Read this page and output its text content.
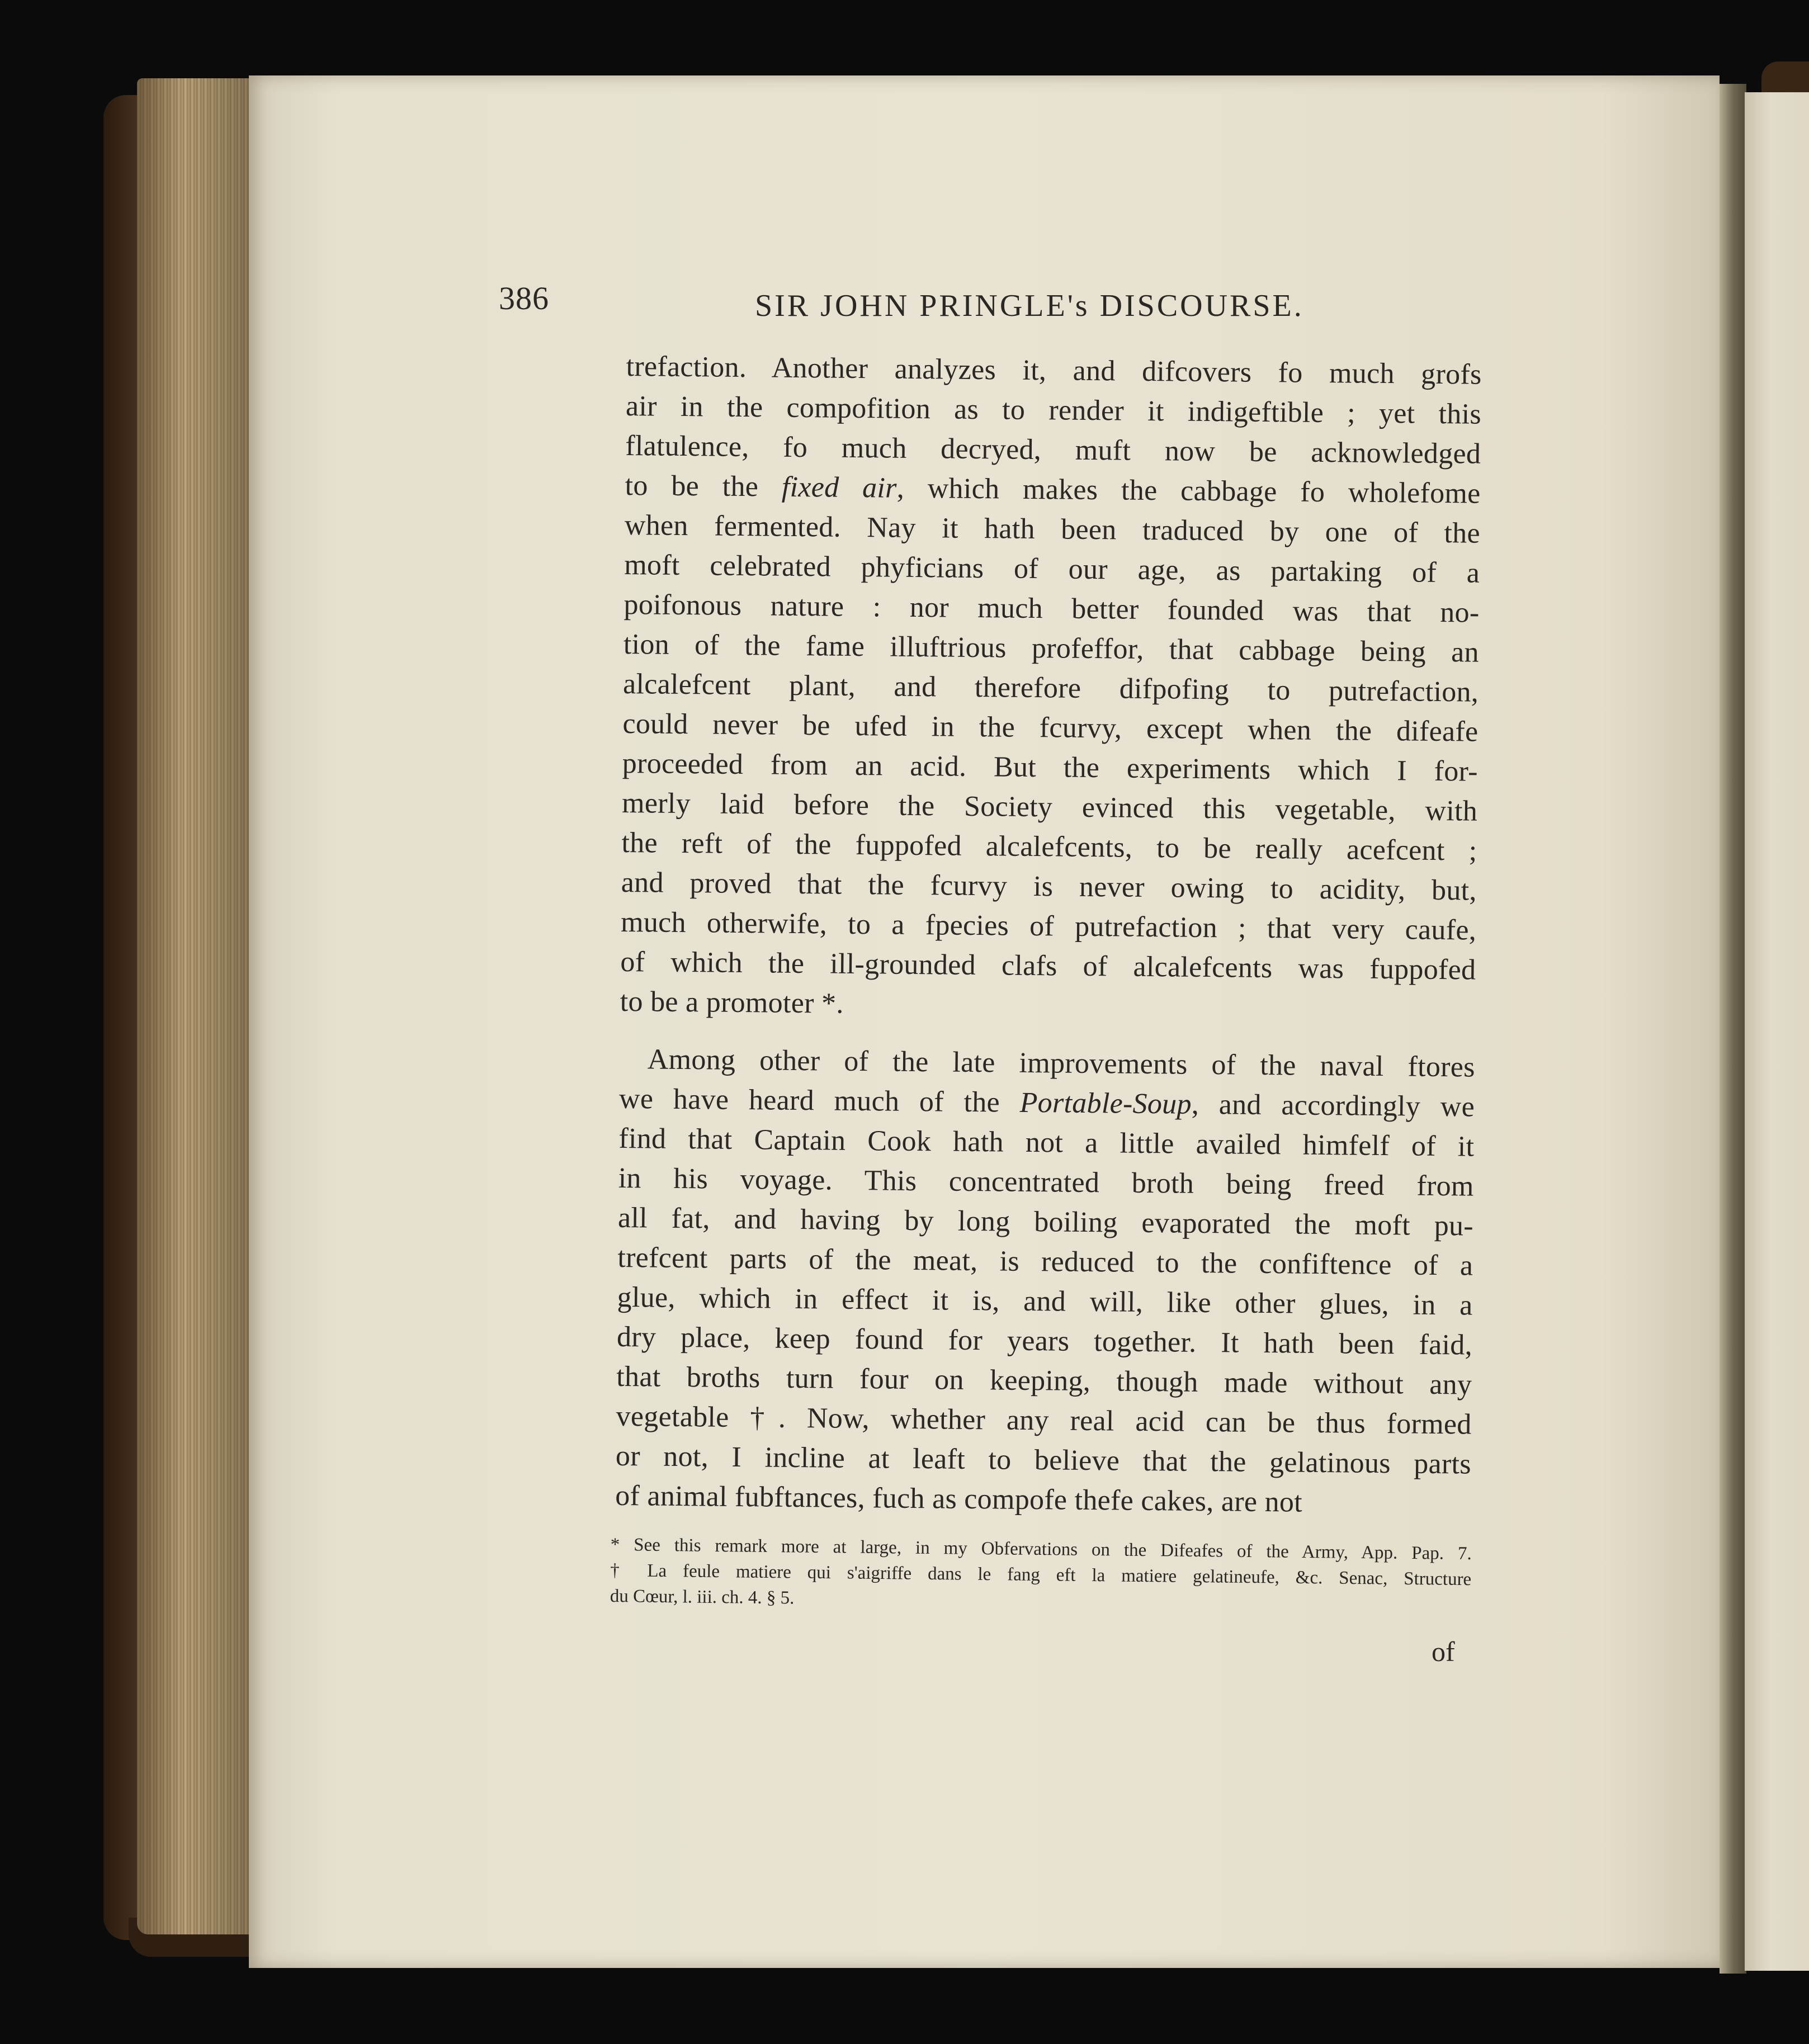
386	SIR JOHN PRINGLE's DISCOURSE.
trefaction. Another analyzes it, and difcovers fo much grofs
air in the compofition as to render it indigeftible ; yet this
flatulence, fo much decryed, muft now be acknowledged
to be the fixed air, which makes the cabbage fo wholefome
when fermented. Nay it hath been traduced by one of the
moft celebrated phyficians of our age, as partaking of a
poifonous nature : nor much better founded was that no-
tion of the fame illuftrious profeffor, that cabbage being an
alcalefcent plant, and therefore difpofing to putrefaction,
could never be ufed in the fcurvy, except when the difeafe
proceeded from an acid. But the experiments which I for-
merly laid before the Society evinced this vegetable, with
the reft of the fuppofed alcalefcents, to be really acefcent ;
and proved that the fcurvy is never owing to acidity, but,
much otherwife, to a fpecies of putrefaction ; that very caufe,
of which the ill-grounded clafs of alcalefcents was fuppofed
to be a promoter *.
Among other of the late improvements of the naval ftores
we have heard much of the Portable-Soup, and accordingly we
find that Captain Cook hath not a little availed himfelf of it
in his voyage. This concentrated broth being freed from
all fat, and having by long boiling evaporated the moft pu-
trefcent parts of the meat, is reduced to the confiftence of a
glue, which in effect it is, and will, like other glues, in a
dry place, keep found for years together. It hath been faid,
that broths turn four on keeping, though made without any
vegetable †. Now, whether any real acid can be thus formed
or not, I incline at leaft to believe that the gelatinous parts
of animal fubftances, fuch as compofe thefe cakes, are not
* See this remark more at large, in my Obfervations on the Difeafes of the Army, App. Pap. 7.
† La feule matiere qui s'aigriffe dans le fang eft la matiere gelatineufe, &c. Senac, Structure
du Cœur, l. iii. ch. 4. § 5.
of
